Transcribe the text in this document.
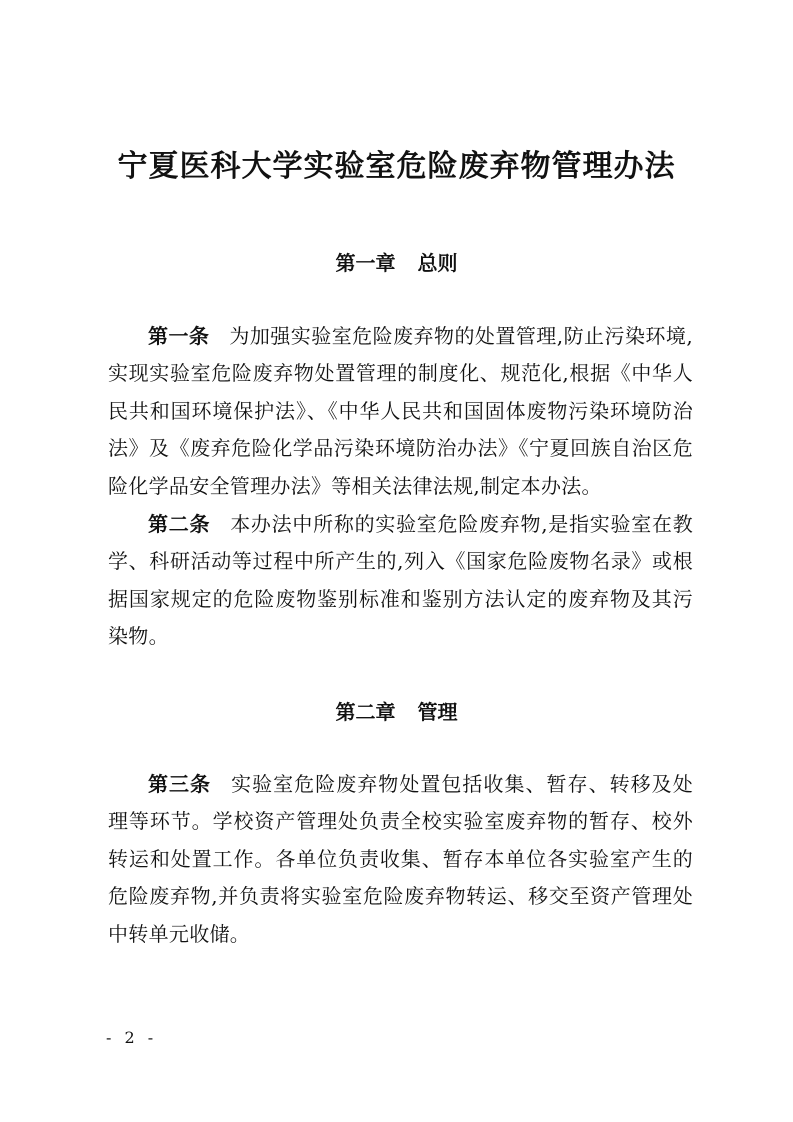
宁夏医科大学实验室危险废弃物管理办法
第一章 总则

第一条 为加强实验室危险废弃物的处置管理,防止污染环境,实现实验室危险废弃物处置管理的制度化、规范化,根据《中华人民共和国环境保护法》、《中华人民共和国固体废物污染环境防治法》及《废弃危险化学品污染环境防治办法》《宁夏回族自治区危险化学品安全管理办法》等相关法律法规,制定本办法。

第二条 本办法中所称的实验室危险废弃物,是指实验室在教学、科研活动等过程中所产生的,列入《国家危险废物名录》或根据国家规定的危险废物鉴别标准和鉴别方法认定的废弃物及其污染物。

第二章 管理

第三条 实验室危险废弃物处置包括收集、暂存、转移及处理等环节。学校资产管理处负责全校实验室废弃物的暂存、校外转运和处置工作。各单位负责收集、暂存本单位各实验室产生的危险废弃物,并负责将实验室危险废弃物转运、移交至资产管理处中转单元收储。

- 2 -
